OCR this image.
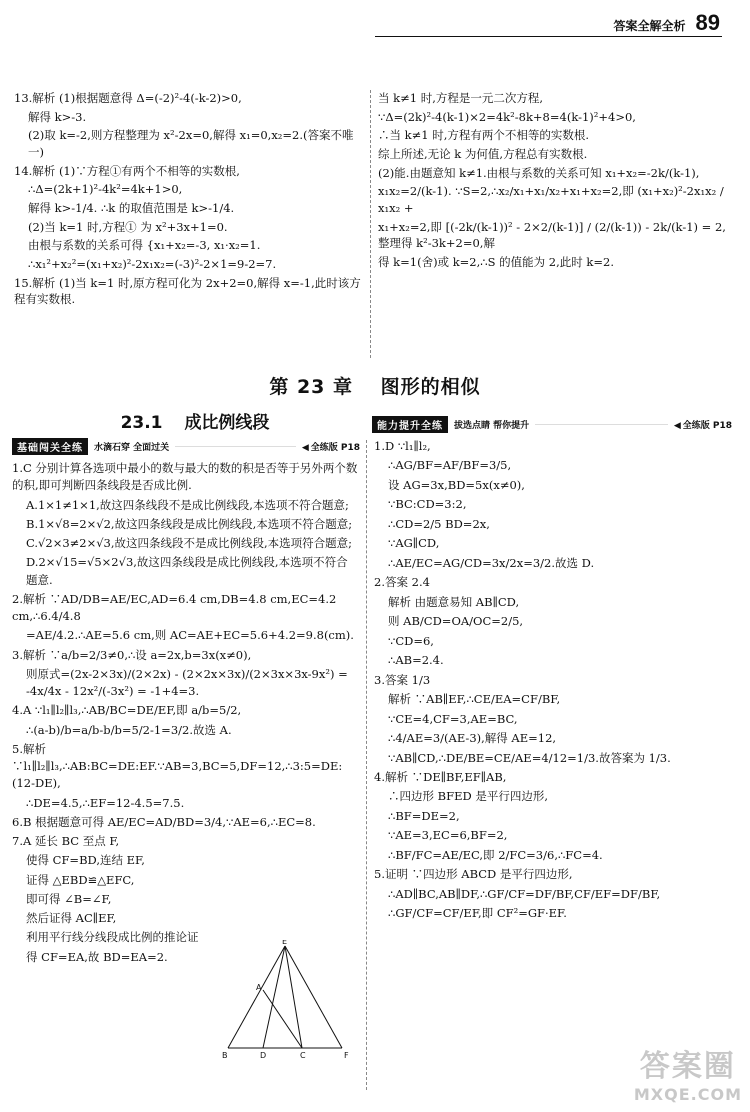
答案全解全析 89

13.解析 (1)根据题意得 Δ=(-2)²-4(-k-2)>0,

解得 k>-3.

(2)取 k=-2,则方程整理为 x²-2x=0,解得 x₁=0,x₂=2.(答案不唯一)

14.解析 (1)∵方程①有两个不相等的实数根,

∴Δ=(2k+1)²-4k²=4k+1>0,

解得 k>-1/4. ∴k 的取值范围是 k>-1/4.

(2)当 k=1 时,方程① 为 x²+3x+1=0.

由根与系数的关系可得 {x₁+x₂=-3, x₁·x₂=1.

∴x₁²+x₂²=(x₁+x₂)²-2x₁x₂=(-3)²-2×1=9-2=7.

15.解析 (1)当 k=1 时,原方程可化为 2x+2=0,解得 x=-1,此时该方程有实数根.

当 k≠1 时,方程是一元二次方程,

∵Δ=(2k)²-4(k-1)×2=4k²-8k+8=4(k-1)²+4>0,

∴当 k≠1 时,方程有两个不相等的实数根.

综上所述,无论 k 为何值,方程总有实数根.

(2)能.由题意知 k≠1.由根与系数的关系可知 x₁+x₂=-2k/(k-1),

x₁x₂=2/(k-1). ∵S=2,∴x₂/x₁+x₁/x₂+x₁+x₂=2,即 (x₁+x₂)²-2x₁x₂ / x₁x₂ +

x₁+x₂=2,即 [(-2k/(k-1))² - 2×2/(k-1)] / (2/(k-1)) - 2k/(k-1) = 2,整理得 k²-3k+2=0,解

得 k=1(舍)或 k=2,∴S 的值能为 2,此时 k=2.

第 23 章 图形的相似
23.1 成比例线段
基础闯关全练	水滴石穿 全面过关	◀ 全练版 P18
能力提升全练	拔选点睛 帮你提升	◀ 全练版 P18

1.C 分别计算各选项中最小的数与最大的数的积是否等于另外两个数的积,即可判断四条线段是否成比例.

A.1×1≠1×1,故这四条线段不是成比例线段,本选项不符合题意;

B.1×√8=2×√2,故这四条线段是成比例线段,本选项不符合题意;

C.√2×3≠2×√3,故这四条线段不是成比例线段,本选项符合题意;

D.2×√15=√5×2√3,故这四条线段是成比例线段,本选项不符合题意.

2.解析 ∵AD/DB=AE/EC,AD=6.4 cm,DB=4.8 cm,EC=4.2 cm,∴6.4/4.8

=AE/4.2.∴AE=5.6 cm,则 AC=AE+EC=5.6+4.2=9.8(cm).

3.解析 ∵a/b=2/3≠0,∴设 a=2x,b=3x(x≠0),

则原式=(2x-2×3x)/(2×2x) - (2×2x×3x)/(2×3x×3x-9x²) = -4x/4x - 12x²/(-3x²) = -1+4=3.

4.A ∵l₁∥l₂∥l₃,∴AB/BC=DE/EF,即 a/b=5/2,

∴(a-b)/b=a/b-b/b=5/2-1=3/2.故选 A.

5.解析 ∵l₁∥l₂∥l₃,∴AB:BC=DE:EF.∵AB=3,BC=5,DF=12,∴3:5=DE:(12-DE),

∴DE=4.5,∴EF=12-4.5=7.5.

6.B 根据题意可得 AE/EC=AD/BD=3/4,∵AE=6,∴EC=8.

7.A 延长 BC 至点 F,

使得 CF=BD,连结 EF,

证得 △EBD≌△EFC,

即可得 ∠B=∠F,

然后证得 AC∥EF,

利用平行线分线段成比例的推论证

得 CF=EA,故 BD=EA=2.

E
A
B	D	C	F

1.D ∵l₁∥l₂,

∴AG/BF=AF/BF=3/5,

设 AG=3x,BD=5x(x≠0),

∵BC:CD=3:2,

∴CD=2/5 BD=2x,

∵AG∥CD,

∴AE/EC=AG/CD=3x/2x=3/2.故选 D.

2.答案 2.4

解析 由题意易知 AB∥CD,

则 AB/CD=OA/OC=2/5,

∵CD=6,

∴AB=2.4.

3.答案 1/3

解析 ∵AB∥EF,∴CE/EA=CF/BF,

∵CE=4,CF=3,AE=BC,

∴4/AE=3/(AE-3),解得 AE=12,

∵AB∥CD,∴DE/BE=CE/AE=4/12=1/3.故答案为 1/3.

4.解析 ∵DE∥BF,EF∥AB,

∴四边形 BFED 是平行四边形,

∴BF=DE=2,

∵AE=3,EC=6,BF=2,

∴BF/FC=AE/EC,即 2/FC=3/6,∴FC=4.

5.证明 ∵四边形 ABCD 是平行四边形,

∴AD∥BC,AB∥DF,∴GF/CF=DF/BF,CF/EF=DF/BF,

∴GF/CF=CF/EF,即 CF²=GF·EF.

答案圈
MXQE.COM
